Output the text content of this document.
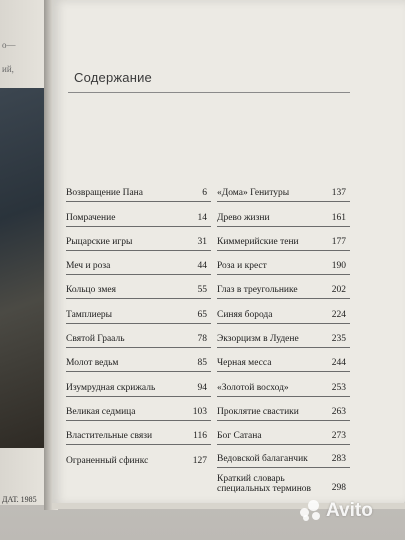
о—
ий,
ДАТ. 1985
Содержание
Возвращение Пана	6
Помрачение	14
Рыцарские игры	31
Меч и роза	44
Кольцо змея	55
Тамплиеры	65
Святой Грааль	78
Молот ведьм	85
Изумрудная скрижаль	94
Великая седмица	103
Властительные связи	116
Ограненный сфинкс	127
«Дома» Генитуры	137
Древо жизни	161
Киммерийские тени	177
Роза и крест	190
Глаз в треугольнике	202
Синяя борода	224
Экзорцизм в Лудене	235
Черная месса	244
«Золотой восход»	253
Проклятие свастики	263
Бог Сатана	273
Ведовской балаганчик	283
Краткий словарь
специальных терминов	298
Avito
